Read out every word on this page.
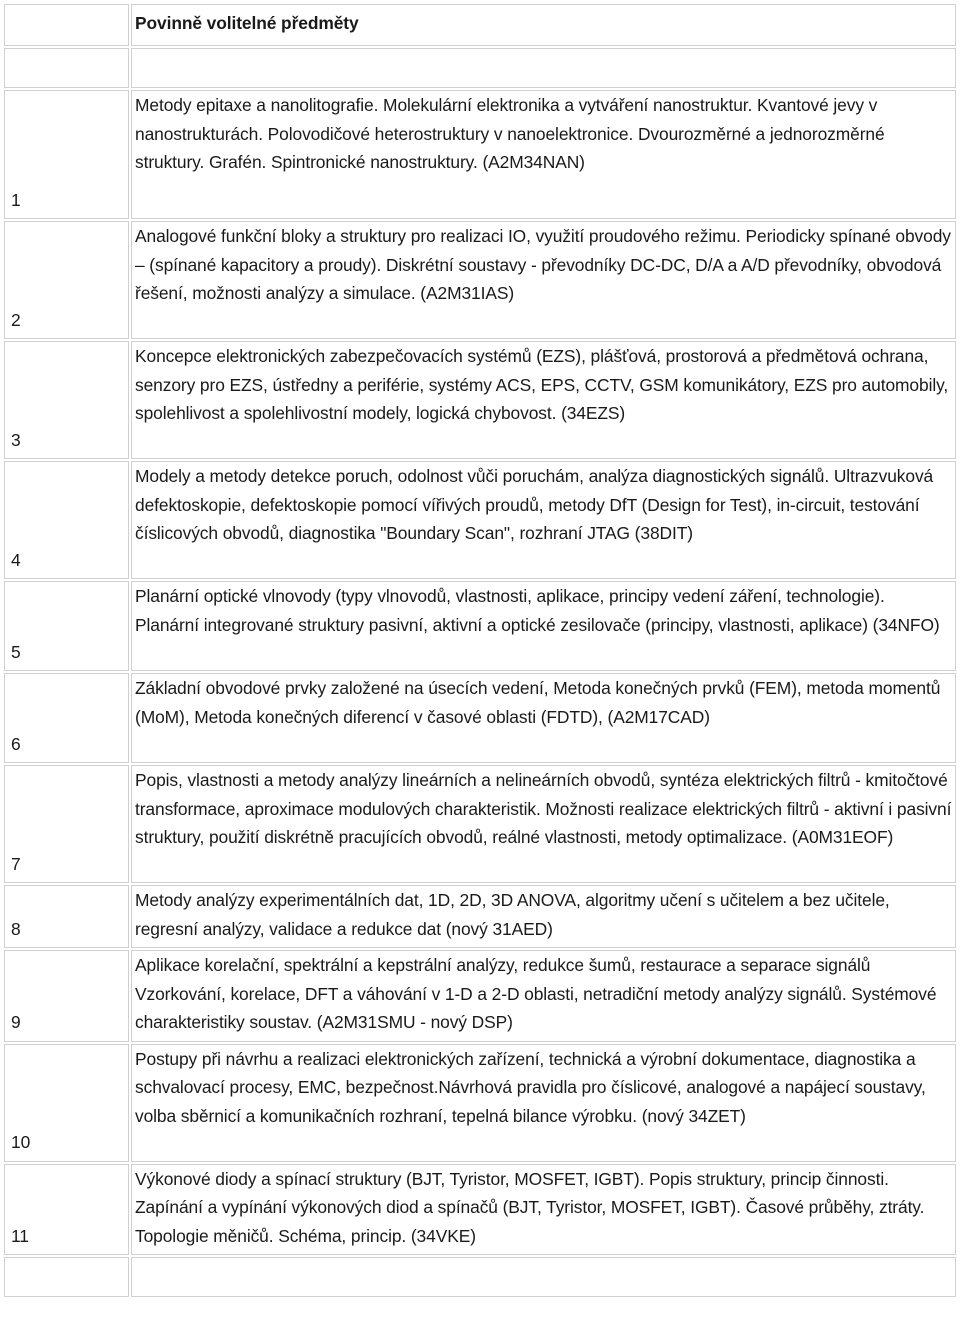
	Povinně volitelné předměty

1	Metody epitaxe a nanolitografie. Molekulární elektronika a vytváření nanostruktur. Kvantové jevy v nanostrukturách. Polovodičové heterostruktury v nanoelektronice. Dvourozměrné a jednorozměrné struktury. Grafén. Spintronické nanostruktury. (A2M34NAN)
2	Analogové funkční bloky a struktury pro realizaci IO, využití proudového režimu. Periodicky spínané obvody – (spínané kapacitory a proudy). Diskrétní soustavy - převodníky DC-DC, D/A a A/D převodníky, obvodová řešení, možnosti analýzy a simulace. (A2M31IAS)
3	Koncepce elektronických zabezpečovacích systémů (EZS), plášťová, prostorová a předmětová ochrana, senzory pro EZS, ústředny a periférie, systémy ACS, EPS, CCTV, GSM komunikátory, EZS pro automobily, spolehlivost a spolehlivostní modely, logická chybovost. (34EZS)
4	Modely a metody detekce poruch, odolnost vůči poruchám, analýza diagnostických signálů. Ultrazvuková defektoskopie, defektoskopie pomocí vířivých proudů, metody DfT (Design for Test), in-circuit, testování číslicových obvodů, diagnostika "Boundary Scan", rozhraní JTAG (38DIT)
5	Planární optické vlnovody (typy vlnovodů, vlastnosti, aplikace, principy vedení záření, technologie). Planární integrované struktury pasivní, aktivní a optické zesilovače (principy, vlastnosti, aplikace) (34NFO)
6	Základní obvodové prvky založené na úsecích vedení, Metoda konečných prvků (FEM), metoda momentů (MoM), Metoda konečných diferencí v časové oblasti (FDTD), (A2M17CAD)
7	Popis, vlastnosti a metody analýzy lineárních a nelineárních obvodů, syntéza elektrických filtrů - kmitočtové transformace, aproximace modulových charakteristik. Možnosti realizace elektrických filtrů - aktivní i pasivní struktury, použití diskrétně pracujících obvodů, reálné vlastnosti, metody optimalizace. (A0M31EOF)
8	Metody analýzy experimentálních dat, 1D, 2D, 3D ANOVA, algoritmy učení s učitelem a bez učitele, regresní analýzy, validace a redukce dat (nový 31AED)
9	Aplikace korelační, spektrální a kepstrální analýzy, redukce šumů, restaurace a separace signálů Vzorkování, korelace, DFT a váhování v 1-D a 2-D oblasti, netradiční metody analýzy signálů. Systémové charakteristiky soustav. (A2M31SMU - nový DSP)
10	Postupy při návrhu a realizaci elektronických zařízení, technická a výrobní dokumentace, diagnostika a schvalovací procesy, EMC, bezpečnost.Návrhová pravidla pro číslicové, analogové a napájecí soustavy, volba sběrnicí a komunikačních rozhraní, tepelná bilance výrobku. (nový 34ZET)
11	Výkonové diody a spínací struktury (BJT, Tyristor, MOSFET, IGBT). Popis struktury, princip činnosti. Zapínání a vypínání výkonových diod a spínačů (BJT, Tyristor, MOSFET, IGBT). Časové průběhy, ztráty. Topologie měničů. Schéma, princip. (34VKE)
